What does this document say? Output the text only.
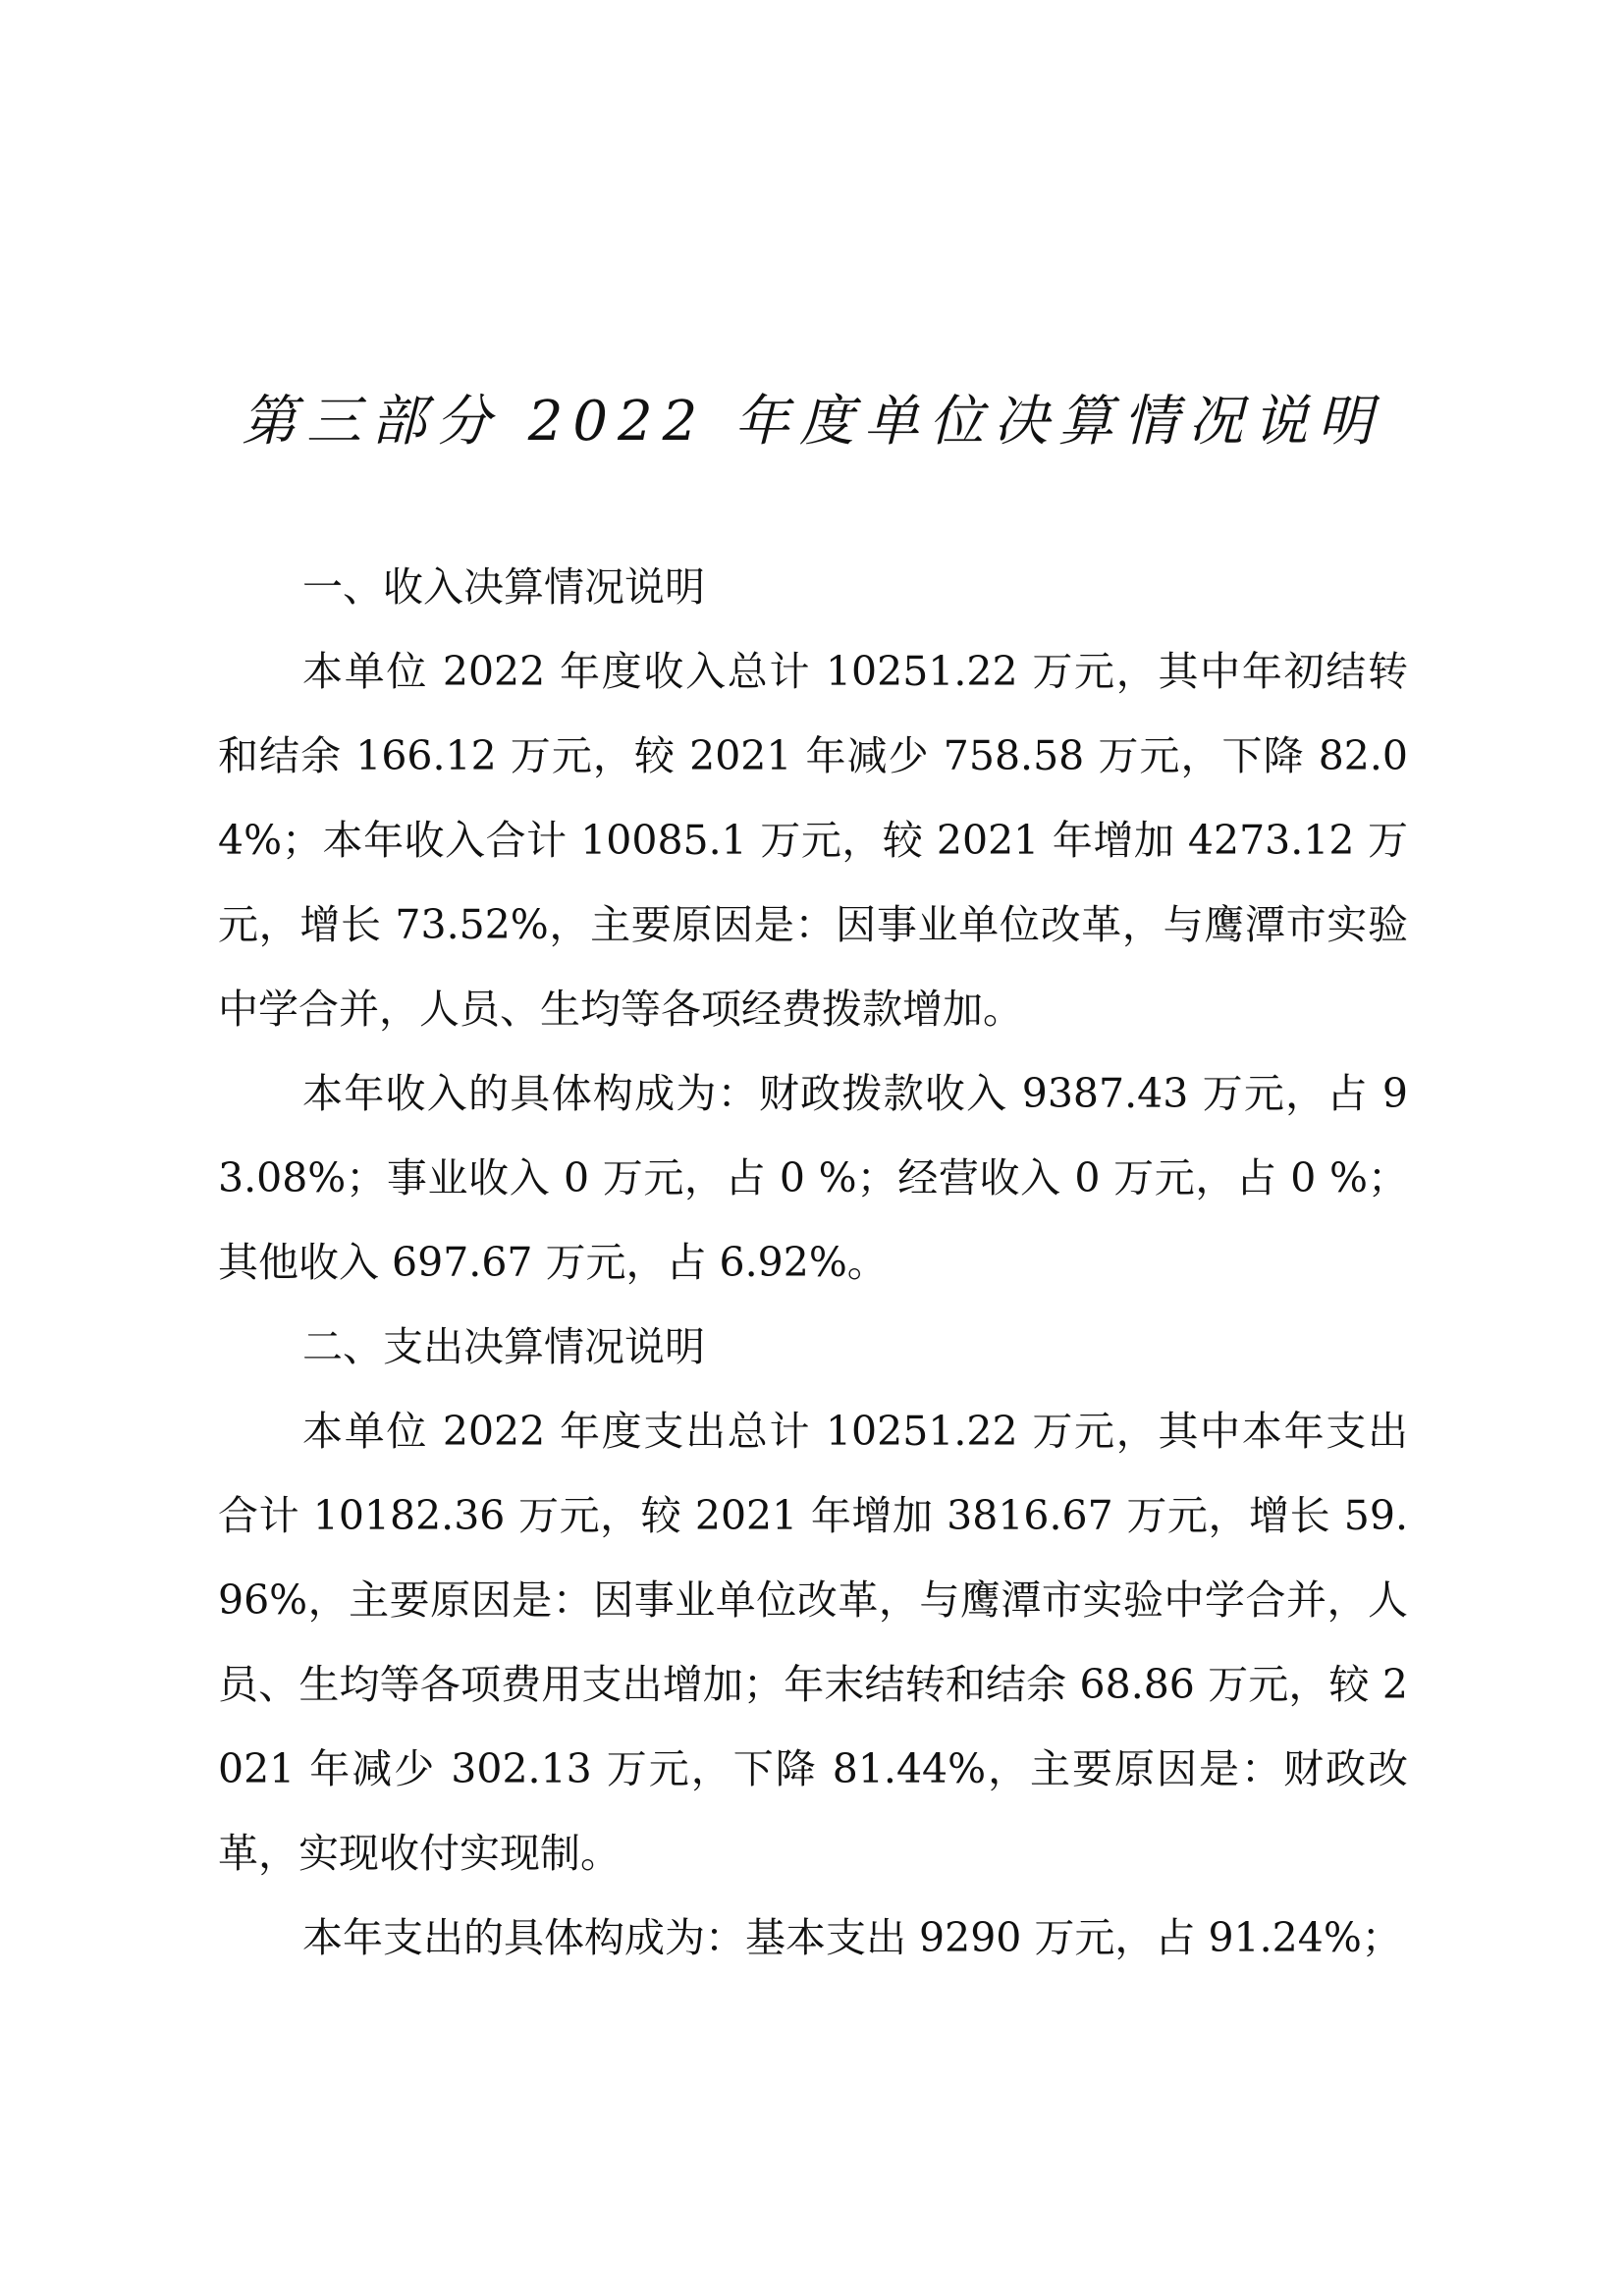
第三部分 2022 年度单位决算情况说明

一、收入决算情况说明

本单位 2022 年度收入总计 10251.22 万元，其中年初结转和结余 166.12 万元，较 2021 年减少 758.58 万元，下降 82.04%；本年收入合计 10085.1 万元，较 2021 年增加 4273.12 万元，增长 73.52%，主要原因是：因事业单位改革，与鹰潭市实验中学合并，人员、生均等各项经费拨款增加。

本年收入的具体构成为：财政拨款收入 9387.43 万元，占 93.08%；事业收入 0 万元，占 0 %；经营收入 0 万元，占 0 %；其他收入 697.67 万元，占 6.92%。

二、支出决算情况说明

本单位 2022 年度支出总计 10251.22 万元，其中本年支出合计 10182.36 万元，较 2021 年增加 3816.67 万元，增长 59.96%，主要原因是：因事业单位改革，与鹰潭市实验中学合并，人员、生均等各项费用支出增加；年末结转和结余 68.86 万元，较 2021 年减少 302.13 万元，下降 81.44%，主要原因是：财政改革，实现收付实现制。

本年支出的具体构成为：基本支出 9290 万元，占 91.24%；
